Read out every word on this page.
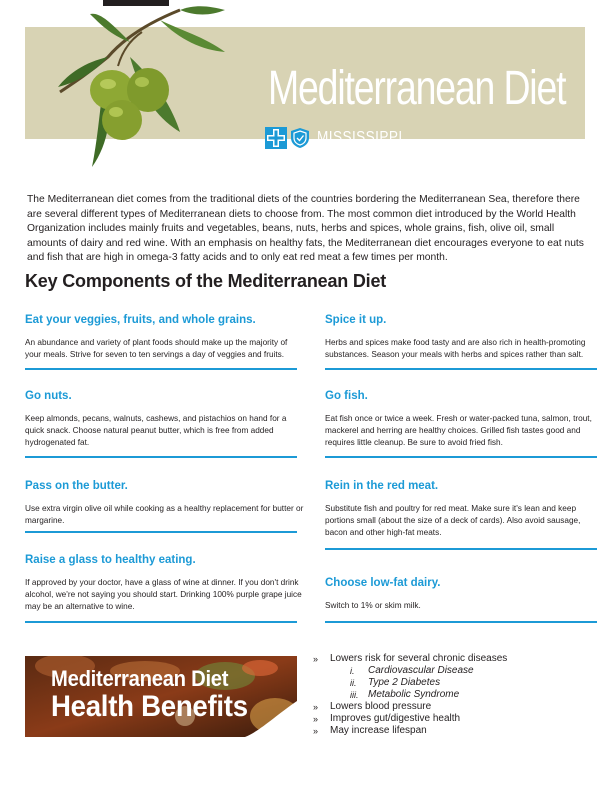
Mediterranean Diet
MISSISSIPPI

The Mediterranean diet comes from the traditional diets of the countries bordering the Mediterranean Sea, therefore there are several different types of Mediterranean diets to choose from. The most common diet introduced by the World Health Organization includes mainly fruits and vegetables, beans, nuts, herbs and spices, whole grains, fish, olive oil, small amounts of dairy and red wine. With an emphasis on healthy fats, the Mediterranean diet encourages everyone to eat nuts and fish that are high in omega-3 fatty acids and to only eat red meat a few times per month.

Key Components of the Mediterranean Diet
Eat your veggies, fruits, and whole grains.

An abundance and variety of plant foods should make up the majority of your meals. Strive for seven to ten servings a day of veggies and fruits.

Go nuts.

Keep almonds, pecans, walnuts, cashews, and pistachios on hand for a quick snack. Choose natural peanut butter, which is free from added hydrogenated fat.

Pass on the butter.

Use extra virgin olive oil while cooking as a healthy replacement for butter or margarine.

Raise a glass to healthy eating.

If approved by your doctor, have a glass of wine at dinner. If you don't drink alcohol, we're not saying you should start. Drinking 100% purple grape juice may be an alternative to wine.

Spice it up.

Herbs and spices make food tasty and are also rich in health-promoting substances. Season your meals with herbs and spices rather than salt.

Go fish.

Eat fish once or twice a week. Fresh or water-packed tuna, salmon, trout, mackerel and herring are healthy choices. Grilled fish tastes good and requires little cleanup. Be sure to avoid fried fish.

Rein in the red meat.

Substitute fish and poultry for red meat. Make sure it's lean and keep portions small (about the size of a deck of cards). Also avoid sausage, bacon and other high-fat meats.

Choose low-fat dairy.

Switch to 1% or skim milk.

Mediterranean Diet
Health Benefits
» Lowers risk for several chronic diseases
i. Cardiovascular Disease
ii. Type 2 Diabetes
iii. Metabolic Syndrome
» Lowers blood pressure
» Improves gut/digestive health
» May increase lifespan
